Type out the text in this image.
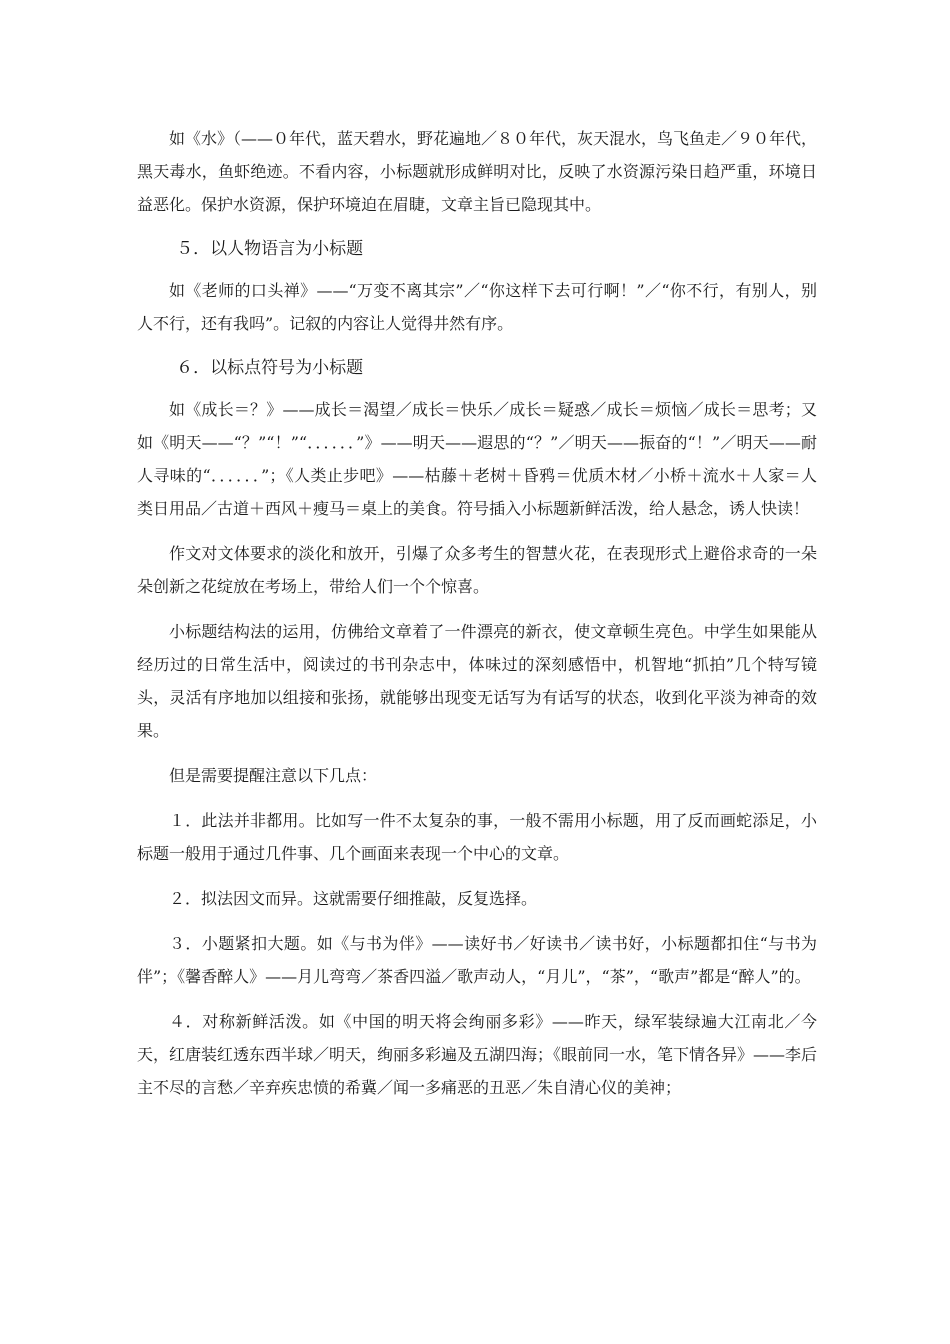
如《水》（——０年代，蓝天碧水，野花遍地／８０年代，灰天混水，鸟飞鱼走／９０年代，黑天毒水，鱼虾绝迹。不看内容，小标题就形成鲜明对比，反映了水资源污染日趋严重，环境日益恶化。保护水资源，保护环境迫在眉睫，文章主旨已隐现其中。

５．以人物语言为小标题

如《老师的口头禅》——“万变不离其宗”／“你这样下去可行啊！”／“你不行，有别人，别人不行，还有我吗”。记叙的内容让人觉得井然有序。

６．以标点符号为小标题

如《成长＝？》——成长＝渴望／成长＝快乐／成长＝疑惑／成长＝烦恼／成长＝思考；又如《明天——“？”“！”“．．．．．．”》——明天——遐思的“？”／明天——振奋的“！”／明天——耐人寻味的“．．．．．．”；《人类止步吧》——枯藤＋老树＋昏鸦＝优质木材／小桥＋流水＋人家＝人类日用品／古道＋西风＋瘦马＝桌上的美食。符号插入小标题新鲜活泼，给人悬念，诱人快读！

作文对文体要求的淡化和放开，引爆了众多考生的智慧火花，在表现形式上避俗求奇的一朵朵创新之花绽放在考场上，带给人们一个个惊喜。

小标题结构法的运用，仿佛给文章着了一件漂亮的新衣，使文章顿生亮色。中学生如果能从经历过的日常生活中，阅读过的书刊杂志中，体味过的深刻感悟中，机智地“抓拍”几个特写镜头，灵活有序地加以组接和张扬，就能够出现变无话写为有话写的状态，收到化平淡为神奇的效果。

但是需要提醒注意以下几点：

１．此法并非都用。比如写一件不太复杂的事，一般不需用小标题，用了反而画蛇添足，小标题一般用于通过几件事、几个画面来表现一个中心的文章。

２．拟法因文而异。这就需要仔细推敲，反复选择。

３．小题紧扣大题。如《与书为伴》——读好书／好读书／读书好，小标题都扣住“与书为伴”；《馨香醉人》——月儿弯弯／茶香四溢／歌声动人，“月儿”，“茶”，“歌声”都是“醉人”的。

４．对称新鲜活泼。如《中国的明天将会绚丽多彩》——昨天，绿军装绿遍大江南北／今天，红唐装红透东西半球／明天，绚丽多彩遍及五湖四海；《眼前同一水，笔下情各异》——李后主不尽的言愁／辛弃疾忠愤的希冀／闻一多痛恶的丑恶／朱自清心仪的美神；
